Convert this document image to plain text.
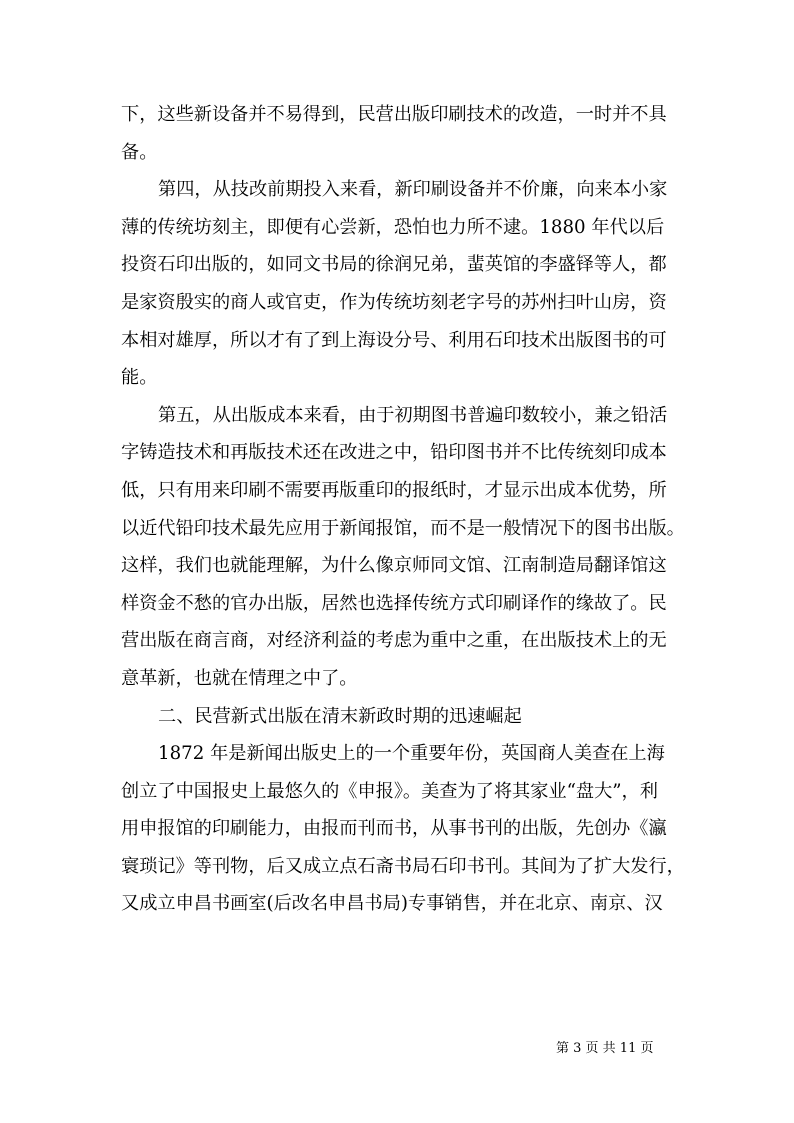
下，这些新设备并不易得到，民营出版印刷技术的改造，一时并不具
备。
第四，从技改前期投入来看，新印刷设备并不价廉，向来本小家
薄的传统坊刻主，即便有心尝新，恐怕也力所不逮。1880 年代以后
投资石印出版的，如同文书局的徐润兄弟，蜚英馆的李盛铎等人，都
是家资殷实的商人或官吏，作为传统坊刻老字号的苏州扫叶山房，资
本相对雄厚，所以才有了到上海设分号、利用石印技术出版图书的可
能。
第五，从出版成本来看，由于初期图书普遍印数较小，兼之铅活
字铸造技术和再版技术还在改进之中，铅印图书并不比传统刻印成本
低，只有用来印刷不需要再版重印的报纸时，才显示出成本优势，所
以近代铅印技术最先应用于新闻报馆，而不是一般情况下的图书出版。
这样，我们也就能理解，为什么像京师同文馆、江南制造局翻译馆这
样资金不愁的官办出版，居然也选择传统方式印刷译作的缘故了。民
营出版在商言商，对经济利益的考虑为重中之重，在出版技术上的无
意革新，也就在情理之中了。
二、民营新式出版在清末新政时期的迅速崛起
1872 年是新闻出版史上的一个重要年份，英国商人美查在上海
创立了中国报史上最悠久的《申报》。美查为了将其家业“盘大”，利
用申报馆的印刷能力，由报而刊而书，从事书刊的出版，先创办《瀛
寰琐记》等刊物，后又成立点石斋书局石印书刊。其间为了扩大发行，
又成立申昌书画室(后改名申昌书局)专事销售，并在北京、南京、汉
第 3 页 共 11 页
